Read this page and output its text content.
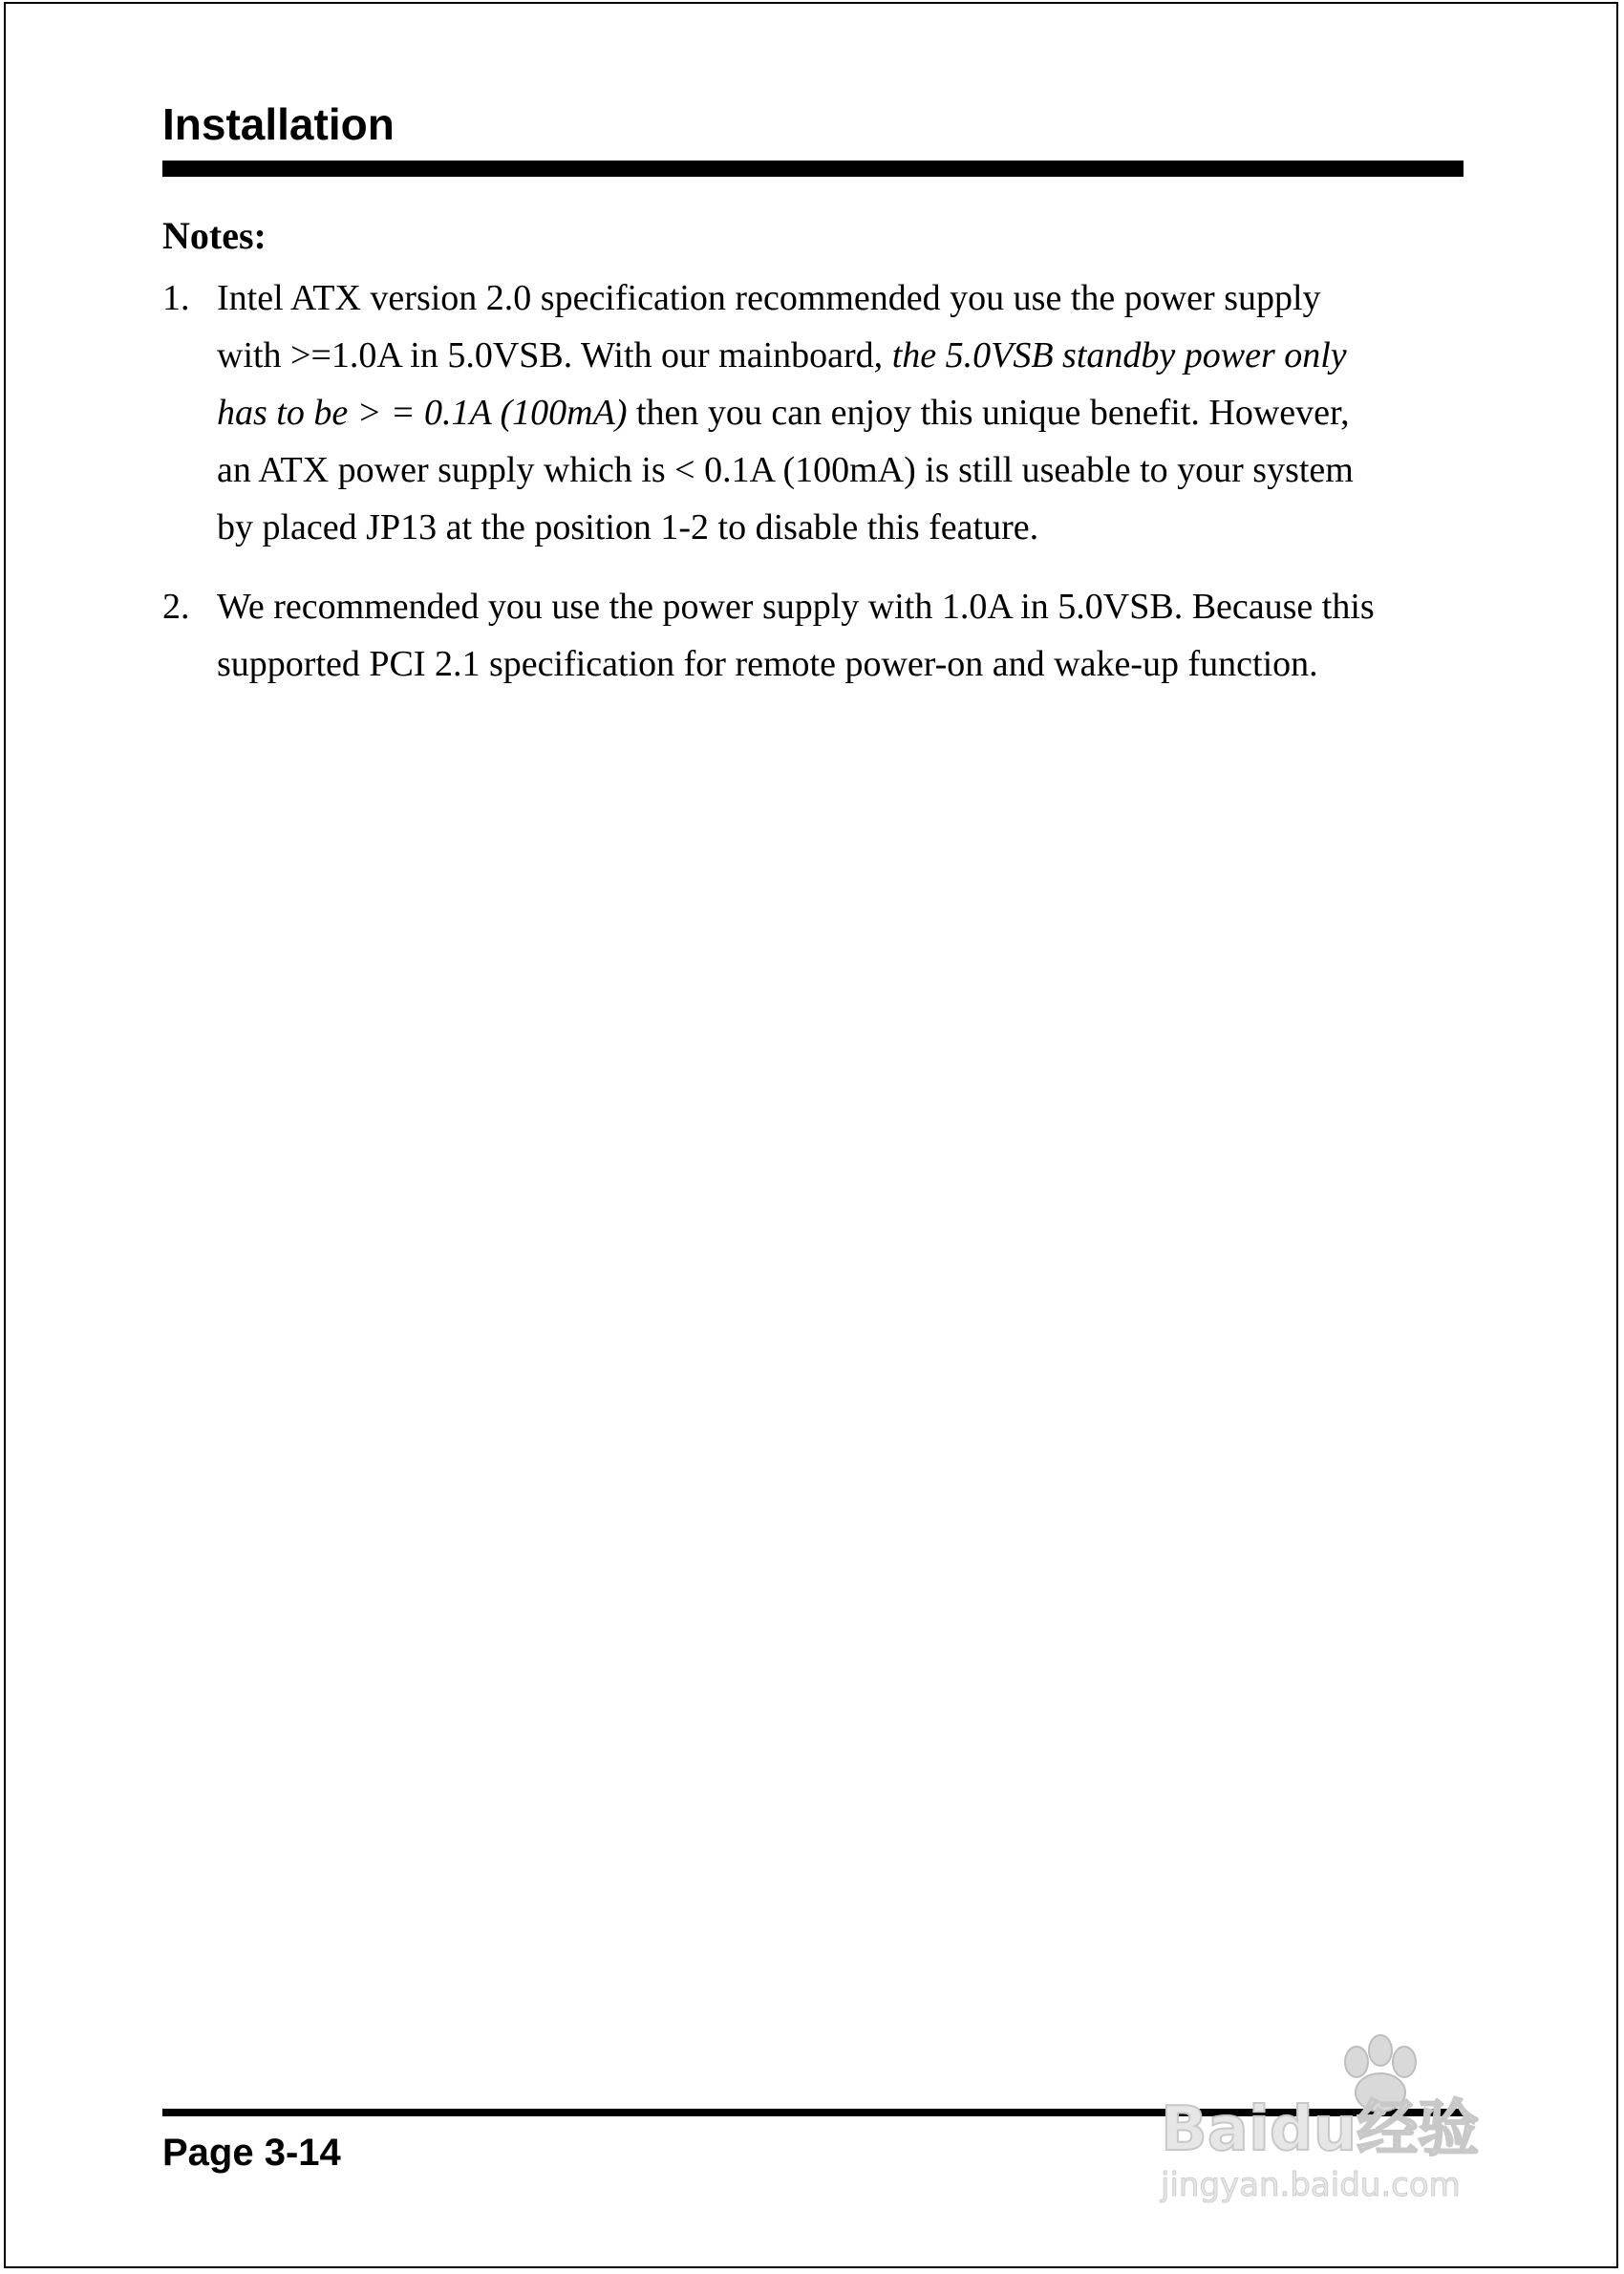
Installation
Notes:
1. Intel ATX version 2.0 specification recommended you use the power supply
with >=1.0A in 5.0VSB. With our mainboard, the 5.0VSB standby power only
has to be > = 0.1A (100mA) then you can enjoy this unique benefit. However,
an ATX power supply which is < 0.1A (100mA) is still useable to your system
by placed JP13 at the position 1-2 to disable this feature.
2. We recommended you use the power supply with 1.0A in 5.0VSB. Because this
supported PCI 2.1 specification for remote power-on and wake-up function.
Page 3-14	Baidu经验
jingyan.baidu.com
